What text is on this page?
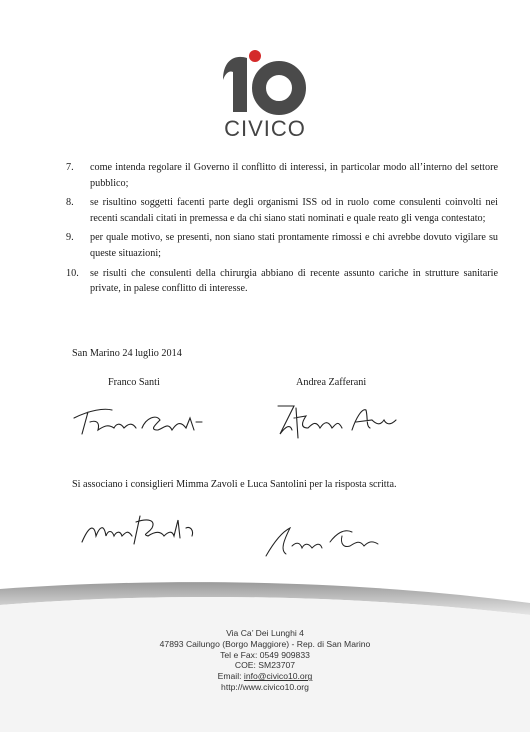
CIVICO
7.	come intenda regolare il Governo il conflitto di interessi, in particolar modo all’interno del settore pubblico;
8.	se risultino soggetti facenti parte degli organismi ISS od in ruolo come consulenti coinvolti nei recenti scandali citati in premessa e da chi siano stati nominati e quale reato gli venga contestato;
9.	per quale motivo, se presenti, non siano stati prontamente rimossi e chi avrebbe dovuto vigilare su queste situazioni;
10.	se risulti che consulenti della chirurgia abbiano di recente assunto cariche in strutture sanitarie private, in palese conflitto di interesse.
San Marino 24 luglio 2014
Franco Santi	Andrea Zafferani
Si associano i consiglieri Mimma Zavoli e Luca Santolini per la risposta scritta.
Via Ca’ Dei Lunghi 4
47893 Cailungo (Borgo Maggiore) - Rep. di San Marino
Tel e Fax: 0549 909833
COE: SM23707
Email: info@civico10.org
http://www.civico10.org
